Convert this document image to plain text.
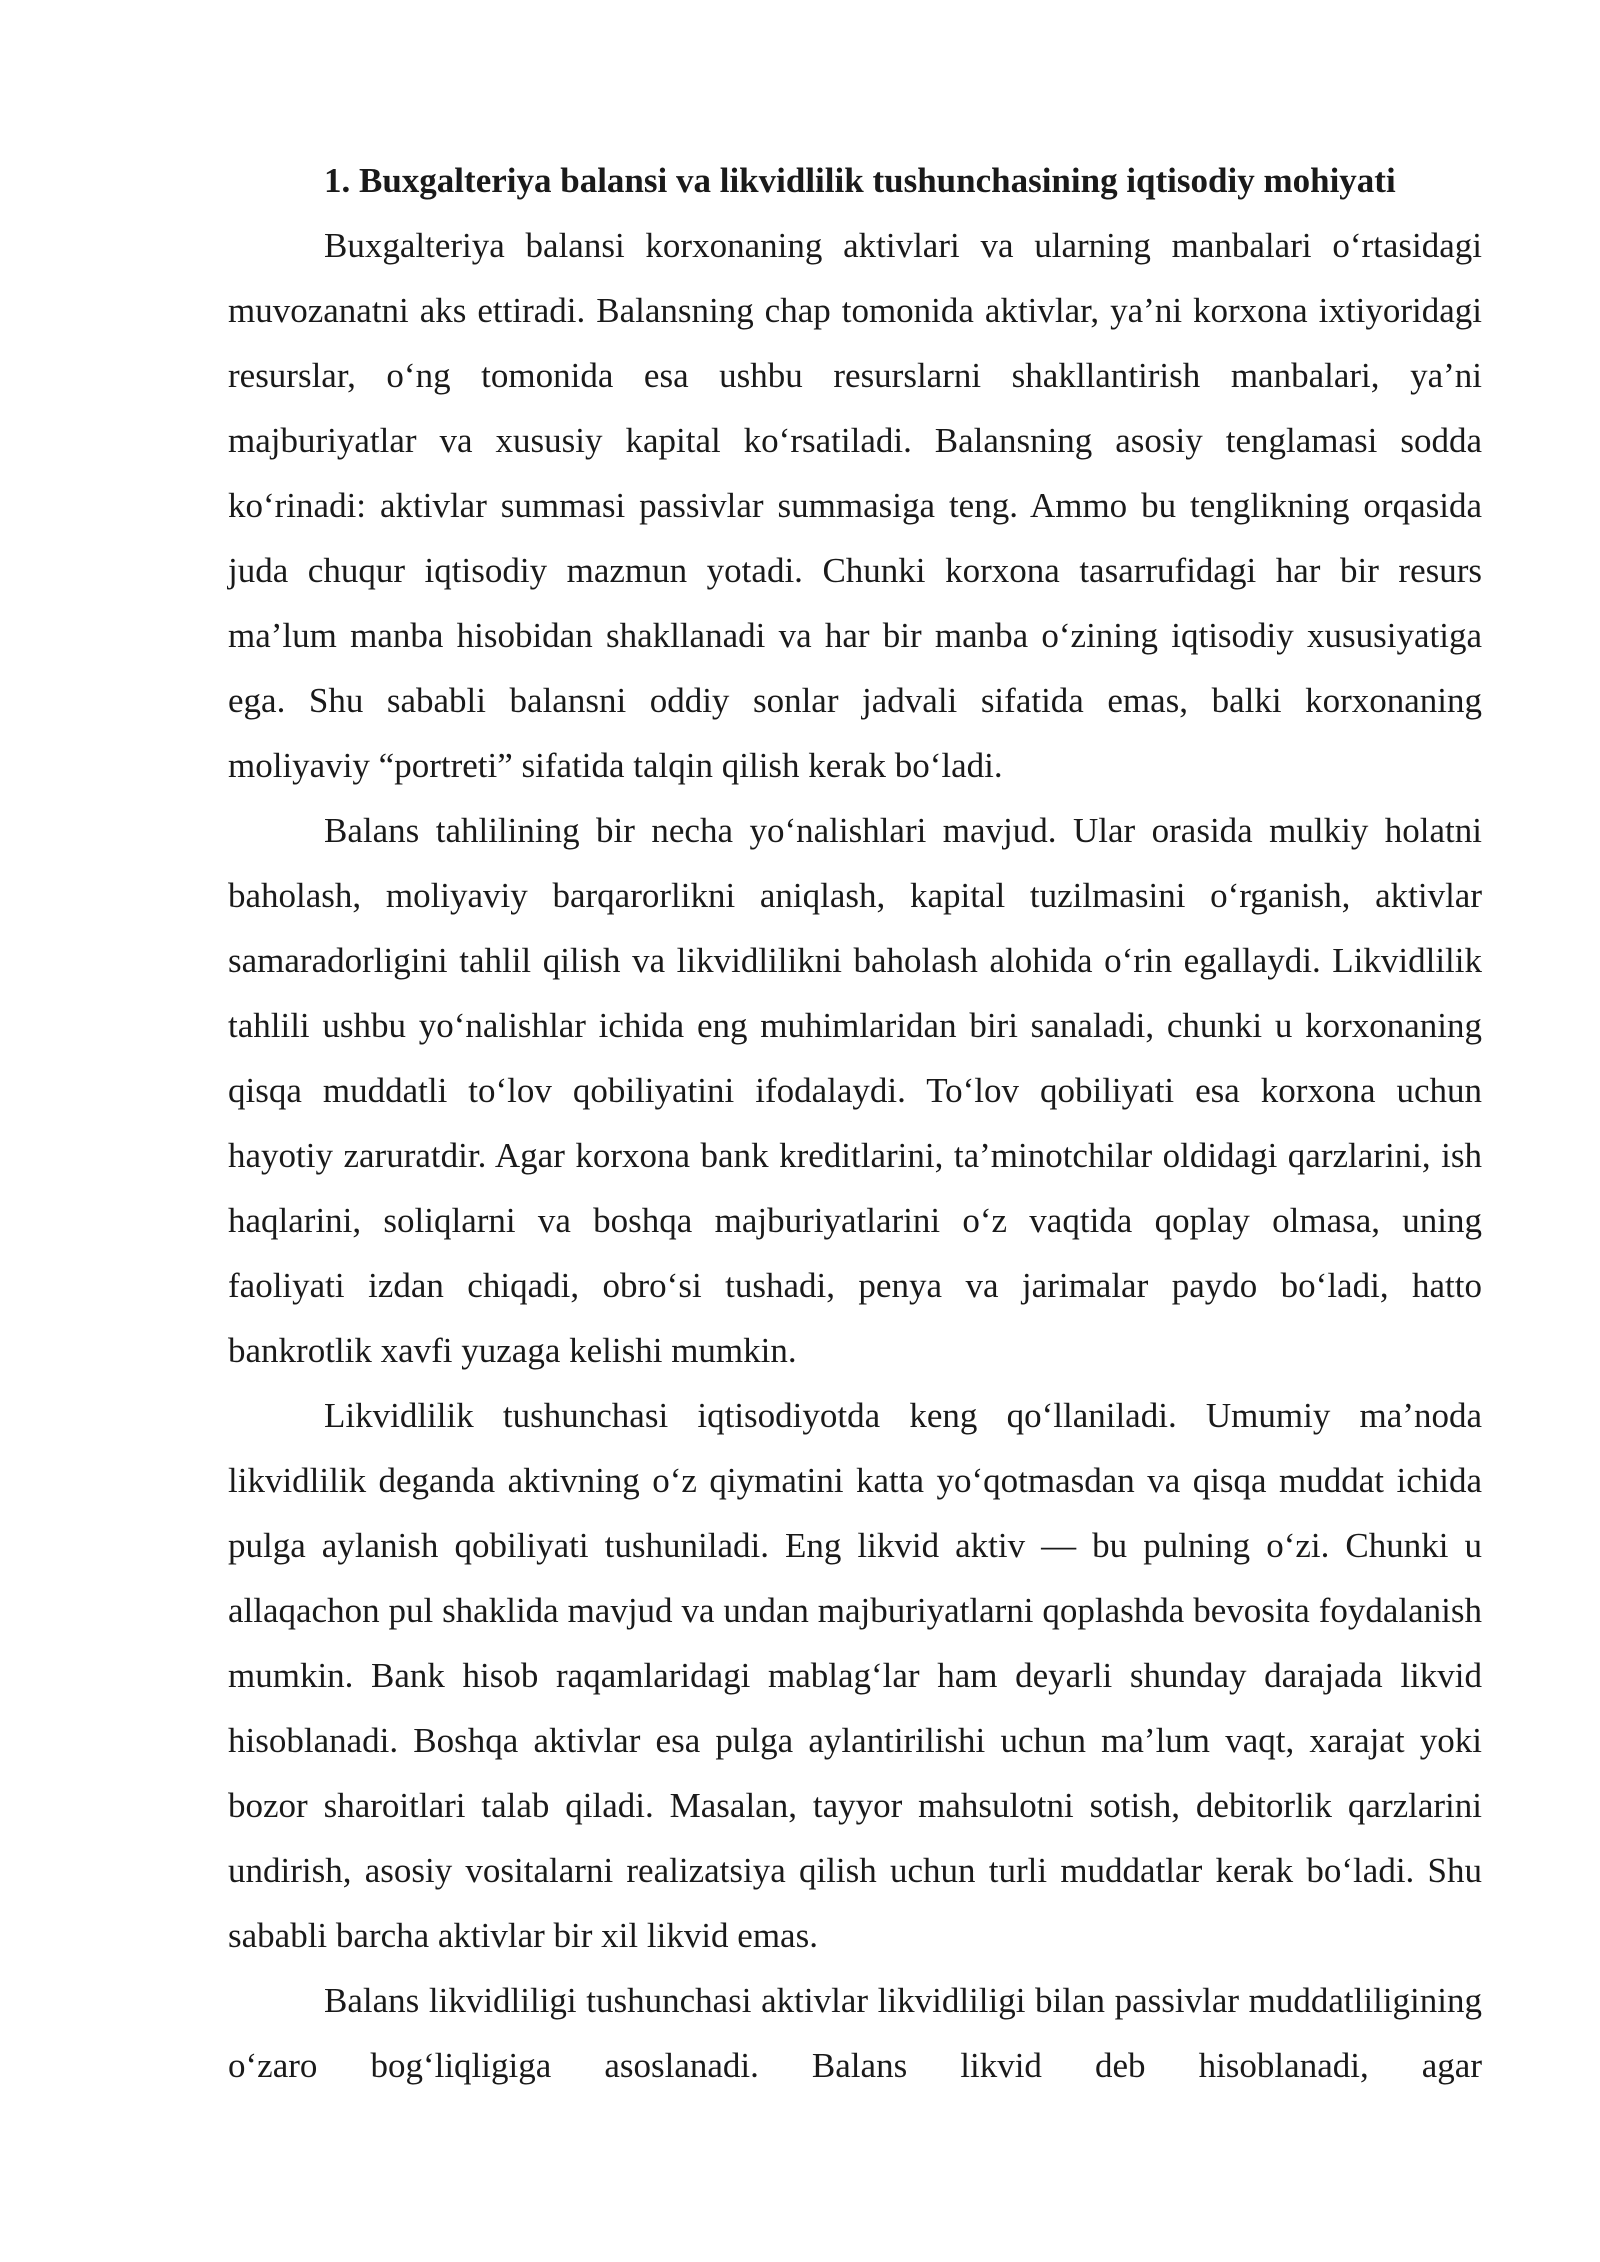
1. Buxgalteriya balansi va likvidlilik tushunchasining iqtisodiy mohiyati

Buxgalteriya balansi korxonaning aktivlari va ularning manbalari o‘rtasidagi muvozanatni aks ettiradi. Balansning chap tomonida aktivlar, ya’ni korxona ixtiyoridagi resurslar, o‘ng tomonida esa ushbu resurslarni shakllantirish manbalari, ya’ni majburiyatlar va xususiy kapital ko‘rsatiladi. Balansning asosiy tenglamasi sodda ko‘rinadi: aktivlar summasi passivlar summasiga teng. Ammo bu tenglikning orqasida juda chuqur iqtisodiy mazmun yotadi. Chunki korxona tasarrufidagi har bir resurs ma’lum manba hisobidan shakllanadi va har bir manba o‘zining iqtisodiy xususiyatiga ega. Shu sababli balansni oddiy sonlar jadvali sifatida emas, balki korxonaning moliyaviy “portreti” sifatida talqin qilish kerak bo‘ladi.

Balans tahlilining bir necha yo‘nalishlari mavjud. Ular orasida mulkiy holatni baholash, moliyaviy barqarorlikni aniqlash, kapital tuzilmasini o‘rganish, aktivlar samaradorligini tahlil qilish va likvidlilikni baholash alohida o‘rin egallaydi. Likvidlilik tahlili ushbu yo‘nalishlar ichida eng muhimlaridan biri sanaladi, chunki u korxonaning qisqa muddatli to‘lov qobiliyatini ifodalaydi. To‘lov qobiliyati esa korxona uchun hayotiy zaruratdir. Agar korxona bank kreditlarini, ta’minotchilar oldidagi qarzlarini, ish haqlarini, soliqlarni va boshqa majburiyatlarini o‘z vaqtida qoplay olmasa, uning faoliyati izdan chiqadi, obro‘si tushadi, penya va jarimalar paydo bo‘ladi, hatto bankrotlik xavfi yuzaga kelishi mumkin.

Likvidlilik tushunchasi iqtisodiyotda keng qo‘llaniladi. Umumiy ma’noda likvidlilik deganda aktivning o‘z qiymatini katta yo‘qotmasdan va qisqa muddat ichida pulga aylanish qobiliyati tushuniladi. Eng likvid aktiv — bu pulning o‘zi. Chunki u allaqachon pul shaklida mavjud va undan majburiyatlarni qoplashda bevosita foydalanish mumkin. Bank hisob raqamlaridagi mablag‘lar ham deyarli shunday darajada likvid hisoblanadi. Boshqa aktivlar esa pulga aylantirilishi uchun ma’lum vaqt, xarajat yoki bozor sharoitlari talab qiladi. Masalan, tayyor mahsulotni sotish, debitorlik qarzlarini undirish, asosiy vositalarni realizatsiya qilish uchun turli muddatlar kerak bo‘ladi. Shu sababli barcha aktivlar bir xil likvid emas.

Balans likvidliligi tushunchasi aktivlar likvidliligi bilan passivlar muddatliligining o‘zaro bog‘liqligiga asoslanadi. Balans likvid deb hisoblanadi, agar
